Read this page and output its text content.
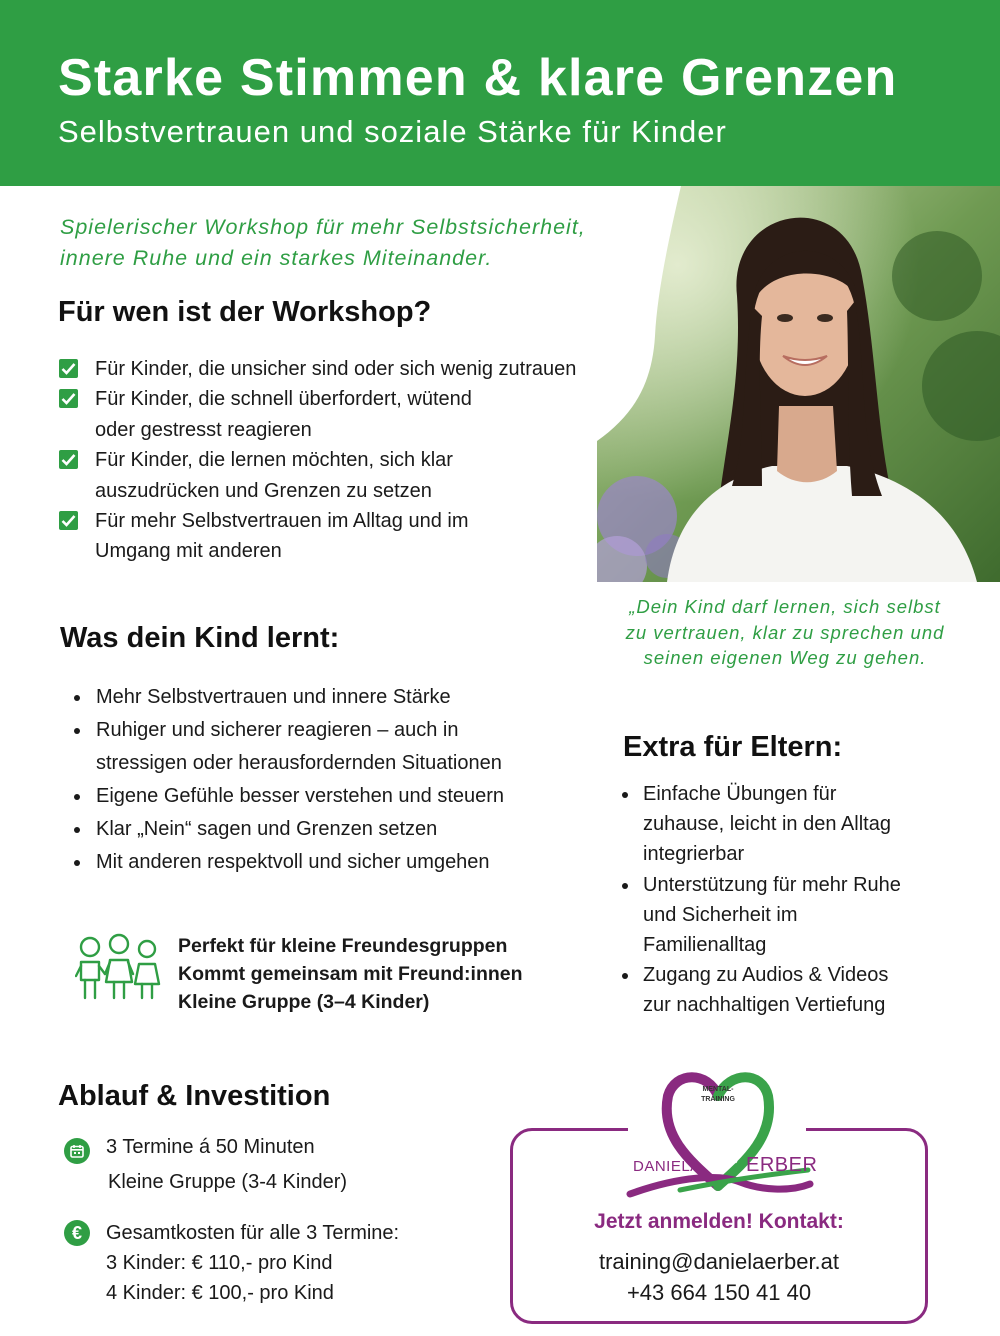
Starke Stimmen & klare Grenzen
Selbstvertrauen und soziale Stärke für Kinder
Spielerischer Workshop für mehr Selbstsicherheit,
innere Ruhe und ein starkes Miteinander.
Für wen ist der Workshop?
Für Kinder, die unsicher sind oder sich wenig zutrauen
Für Kinder, die schnell überfordert, wütend
oder gestresst reagieren
Für Kinder, die lernen möchten, sich klar
auszudrücken und Grenzen zu setzen
Für mehr Selbstvertrauen im Alltag und im
Umgang mit anderen
„Dein Kind darf lernen, sich selbst
zu vertrauen, klar zu sprechen und
seinen eigenen Weg zu gehen.
Was dein Kind lernt:
Mehr Selbstvertrauen und innere Stärke
Ruhiger und sicherer reagieren – auch in
stressigen oder herausfordernden Situationen
Eigene Gefühle besser verstehen und steuern
Klar „Nein“ sagen und Grenzen setzen
Mit anderen respektvoll und sicher umgehen
Extra für Eltern:
Einfache Übungen für
zuhause, leicht in den Alltag
integrierbar
Unterstützung für mehr Ruhe
und Sicherheit im
Familienalltag
Zugang zu Audios & Videos
zur nachhaltigen Vertiefung
Perfekt für kleine Freundesgruppen
Kommt gemeinsam mit Freund:innen
Kleine Gruppe (3–4 Kinder)
Ablauf & Investition
3 Termine á 50 Minuten
Kleine Gruppe (3-4 Kinder)
€	Gesamtkosten für alle 3 Termine:
3 Kinder: € 110,- pro Kind
4 Kinder: € 100,- pro Kind
MENTAL-
TRAINING
KINESIOLOGIE	KONZENTRATIONSTRAINING
DANIELA ERBER
Jetzt anmelden! Kontakt:
training@danielaerber.at
+43 664 150 41 40
